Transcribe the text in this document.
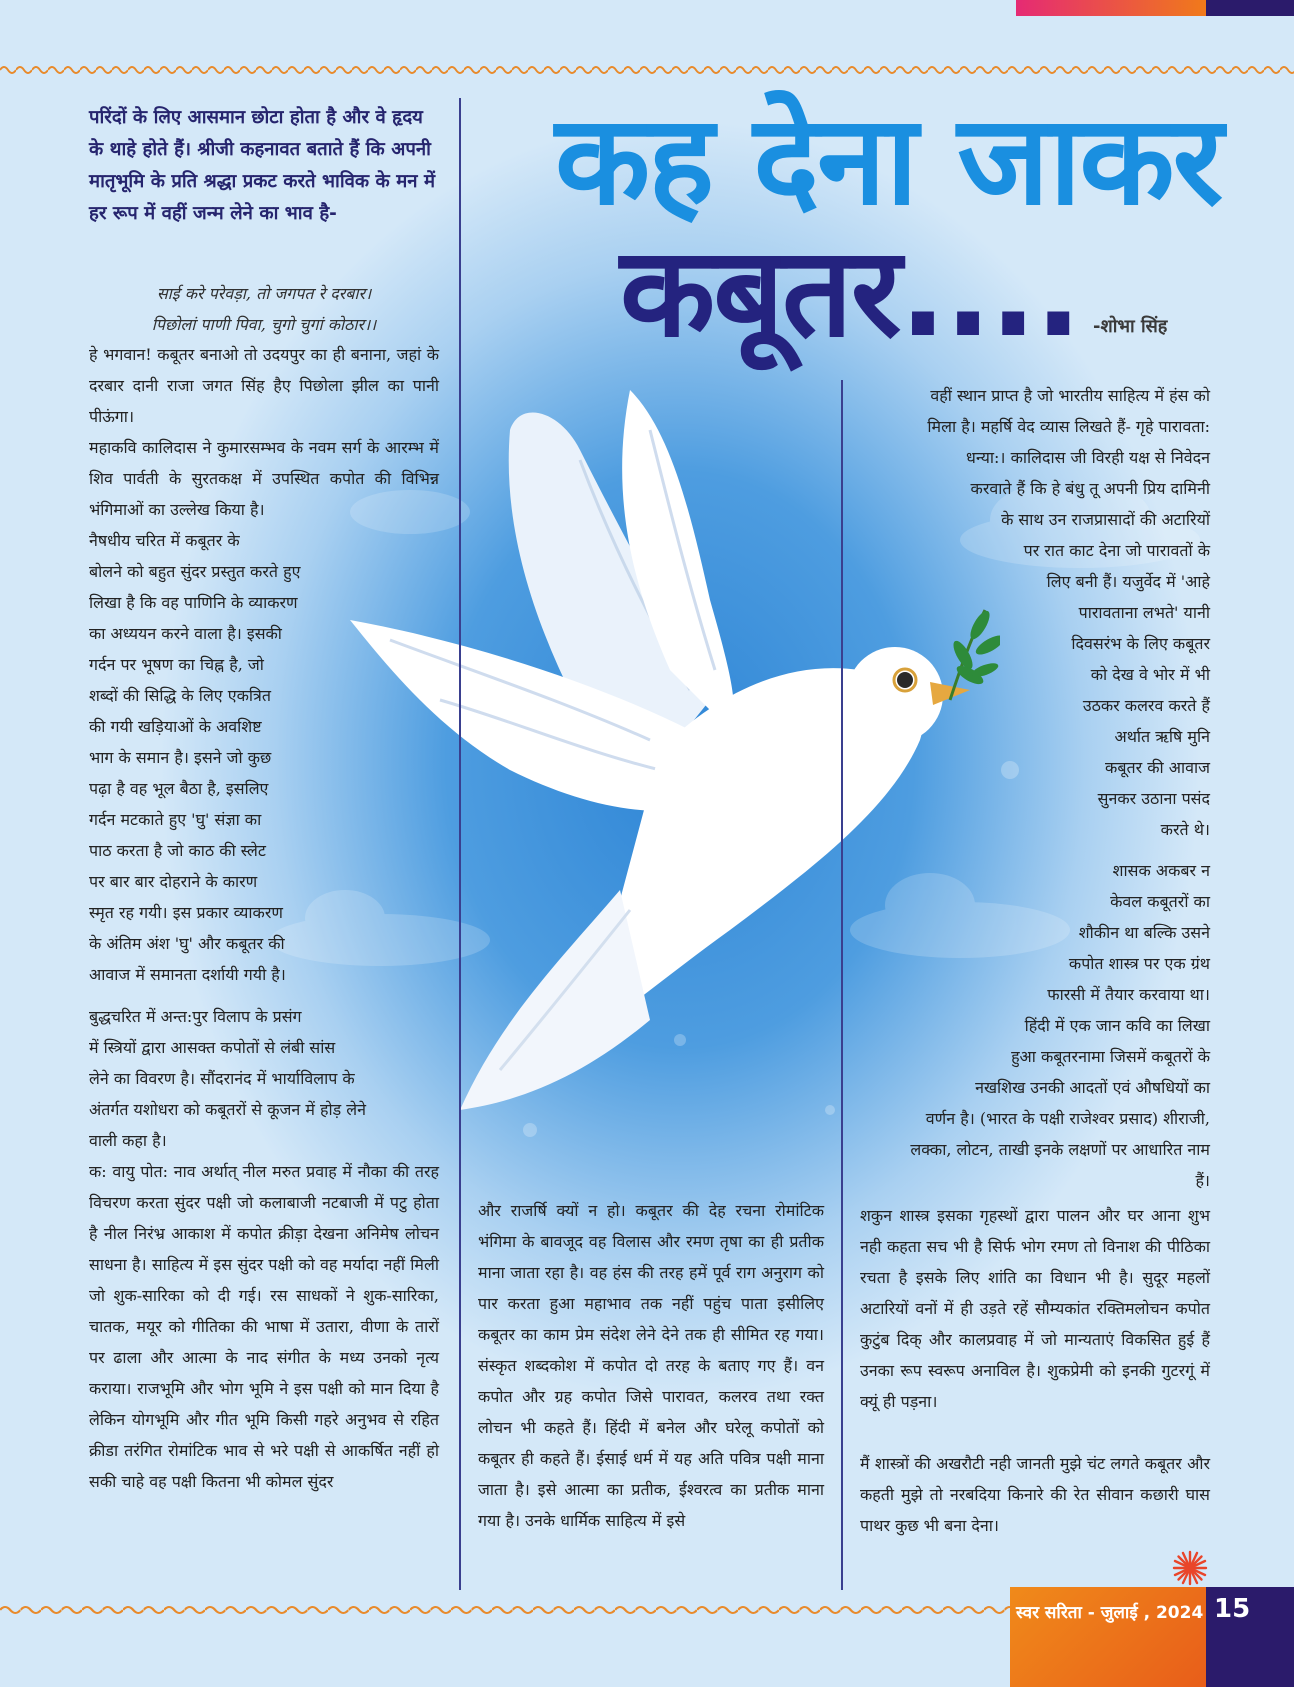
कह देना जाकर
कबूतर.... -शोभा सिंह
परिंदों के लिए आसमान छोटा होता है और वे हृदय के थाहे होते हैं। श्रीजी कहनावत बताते हैं कि अपनी मातृभूमि के प्रति श्रद्धा प्रकट करते भाविक के मन में हर रूप में वहीं जन्म लेने का भाव है-
साई करे परेवड़ा, तो जगपत रे दरबार।
पिछोलां पाणी पिवा, चुगो चुगां कोठार।।
हे भगवान! कबूतर बनाओ तो उदयपुर का ही बनाना, जहां के दरबार दानी राजा जगत सिंह हैए पिछोला झील का पानी पीऊंगा।
महाकवि कालिदास ने कुमारसम्भव के नवम सर्ग के आरम्भ में शिव पार्वती के सुरतकक्ष में उपस्थित कपोत की विभिन्न भंगिमाओं का उल्लेख किया है।
नैषधीय चरित में कबूतर के
बोलने को बहुत सुंदर प्रस्तुत करते हुए
लिखा है कि वह पाणिनि के व्याकरण
का अध्ययन करने वाला है। इसकी
गर्दन पर भूषण का चिह्न है, जो
शब्दों की सिद्धि के लिए एकत्रित
की गयी खड़ियाओं के अवशिष्ट
भाग के समान है। इसने जो कुछ
पढ़ा है वह भूल बैठा है, इसलिए
गर्दन मटकाते हुए 'घु' संज्ञा का
पाठ करता है जो काठ की स्लेट
पर बार बार दोहराने के कारण
स्मृत रह गयी। इस प्रकार व्याकरण
के अंतिम अंश 'घु' और कबूतर की
आवाज में समानता दर्शायी गयी है।
बुद्धचरित में अन्त:पुर विलाप के प्रसंग
में स्त्रियों द्वारा आसक्त कपोतों से लंबी सांस
लेने का विवरण है। सौंदरानंद में भार्याविलाप के
अंतर्गत यशोधरा को कबूतरों से कूजन में होड़ लेने
वाली कहा है।
क: वायु पोत: नाव अर्थात् नील मरुत प्रवाह में नौका की तरह विचरण करता सुंदर पक्षी जो कलाबाजी नटबाजी में पटु होता है नील निरंभ्र आकाश में कपोत क्रीड़ा देखना अनिमेष लोचन साधना है। साहित्य में इस सुंदर पक्षी को वह मर्यादा नहीं मिली जो शुक-सारिका को दी गई। रस साधकों ने शुक-सारिका, चातक, मयूर को गीतिका की भाषा में उतारा, वीणा के तारों पर ढाला और आत्मा के नाद संगीत के मध्य उनको नृत्य कराया। राजभूमि और भोग भूमि ने इस पक्षी को मान दिया है लेकिन योगभूमि और गीत भूमि किसी गहरे अनुभव से रहित क्रीडा तरंगित रोमांटिक भाव से भरे पक्षी से आकर्षित नहीं हो सकी चाहे वह पक्षी कितना भी कोमल सुंदर
और राजर्षि क्यों न हो। कबूतर की देह रचना रोमांटिक भंगिमा के बावजूद वह विलास और रमण तृषा का ही प्रतीक माना जाता रहा है। वह हंस की तरह हमें पूर्व राग अनुराग को पार करता हुआ महाभाव तक नहीं पहुंच पाता इसीलिए कबूतर का काम प्रेम संदेश लेने देने तक ही सीमित रह गया। संस्कृत शब्दकोश में कपोत दो तरह के बताए गए हैं। वन कपोत और ग्रह कपोत जिसे पारावत, कलरव तथा रक्त लोचन भी कहते हैं। हिंदी में बनेल और घरेलू कपोतों को कबूतर ही कहते हैं। ईसाई धर्म में यह अति पवित्र पक्षी माना जाता है। इसे आत्मा का प्रतीक, ईश्वरत्व का प्रतीक माना गया है। उनके धार्मिक साहित्य में इसे
वहीं स्थान प्राप्त है जो भारतीय साहित्य में हंस को
मिला है। महर्षि वेद व्यास लिखते हैं- गृहे पारावता:
धन्या:। कालिदास जी विरही यक्ष से निवेदन
करवाते हैं कि हे बंधु तू अपनी प्रिय दामिनी
के साथ उन राजप्रासादों की अटारियों
पर रात काट देना जो पारावतों के
लिए बनी हैं। यजुर्वेद में 'आहे
पारावताना लभते' यानी
दिवसरंभ के लिए कबूतर
को देख वे भोर में भी
उठकर कलरव करते हैं
अर्थात ऋषि मुनि
कबूतर की आवाज
सुनकर उठाना पसंद
करते थे।
शासक अकबर न
केवल कबूतरों का
शौकीन था बल्कि उसने
कपोत शास्त्र पर एक ग्रंथ
फारसी में तैयार करवाया था।
हिंदी में एक जान कवि का लिखा
हुआ कबूतरनामा जिसमें कबूतरों के
नखशिख उनकी आदतों एवं औषधियों का
वर्णन है। (भारत के पक्षी राजेश्वर प्रसाद) शीराजी,
लक्का, लोटन, ताखी इनके लक्षणों पर आधारित नाम
हैं।
शकुन शास्त्र इसका गृहस्थों द्वारा पालन और घर आना शुभ नही कहता सच भी है सिर्फ भोग रमण तो विनाश की पीठिका रचता है इसके लिए शांति का विधान भी है। सुदूर महलों अटारियों वनों में ही उड़ते रहें सौम्यकांत रक्तिमलोचन कपोत कुटुंब दिक् और कालप्रवाह में जो मान्यताएं विकसित हुई हैं उनका रूप स्वरूप अनाविल है। शुकप्रेमी को इनकी गुटरगूं में क्यूं ही पड़ना।
मैं शास्त्रों की अखरौटी नही जानती मुझे चंट लगते कबूतर और कहती मुझे तो नरबदिया किनारे की रेत सीवान कछारी घास पाथर कुछ भी बना देना।
स्वर सरिता - जुलाई , 2024 15
